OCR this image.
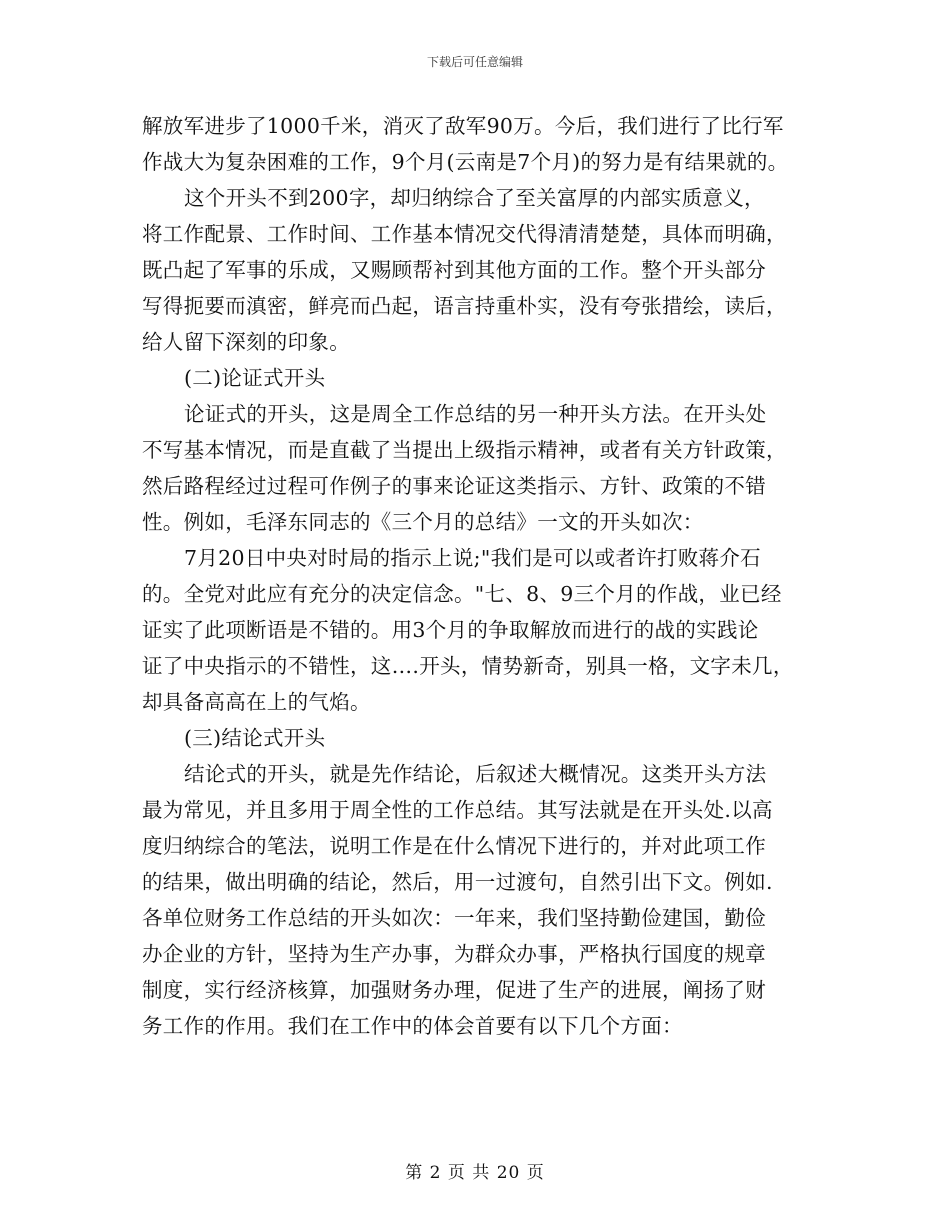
下载后可任意编辑
解放军进步了1000千米，消灭了敌军90万。今后，我们进行了比行军
作战大为复杂困难的工作，9个月(云南是7个月)的努力是有结果就的。
这个开头不到200字，却归纳综合了至关富厚的内部实质意义，
将工作配景、工作时间、工作基本情况交代得清清楚楚，具体而明确，
既凸起了军事的乐成，又赐顾帮衬到其他方面的工作。整个开头部分
写得扼要而滇密，鲜亮而凸起，语言持重朴实，没有夸张措绘，读后，
给人留下深刻的印象。
(二)论证式开头
论证式的开头，这是周全工作总结的另一种开头方法。在开头处
不写基本情况，而是直截了当提出上级指示精神，或者有关方针政策，
然后路程经过过程可作例子的事来论证这类指示、方针、政策的不错
性。例如，毛泽东同志的《三个月的总结》一文的开头如次：
7月20日中央对时局的指示上说;"我们是可以或者许打败蒋介石
的。全党对此应有充分的决定信念。"七、8、9三个月的作战，业已经
证实了此项断语是不错的。用3个月的争取解放而进行的战的实践论
证了中央指示的不错性，这….开头，情势新奇，别具一格，文字未几，
却具备高高在上的气焰。
(三)结论式开头
结论式的开头，就是先作结论，后叙述大概情况。这类开头方法
最为常见，并且多用于周全性的工作总结。其写法就是在开头处.以高
度归纳综合的笔法，说明工作是在什么情况下进行的，并对此项工作
的结果，做出明确的结论，然后，用一过渡句，自然引出下文。例如.
各单位财务工作总结的开头如次：一年来，我们坚持勤俭建国，勤俭
办企业的方针，坚持为生产办事，为群众办事，严格执行国度的规章
制度，实行经济核算，加强财务办理，促进了生产的进展，阐扬了财
务工作的作用。我们在工作中的体会首要有以下几个方面：
第 2 页 共 20 页
